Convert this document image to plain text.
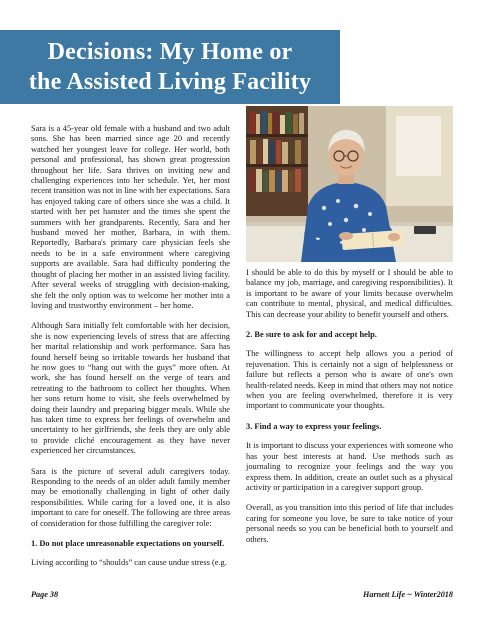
Decisions: My Home or
the Assisted Living Facility

Sara is a 45-year old female with a husband and two adult sons. She has been married since age 20 and recently watched her youngest leave for college. Her world, both personal and professional, has shown great progression throughout her life. Sara thrives on inviting new and challenging experiences into her schedule. Yet, her most recent transition was not in line with her expectations. Sara has enjoyed taking care of others since she was a child. It started with her pet hamster and the times she spent the summers with her grandparents. Recently, Sara and her husband moved her mother, Barbara, in with them. Reportedly, Barbara's primary care physician feels she needs to be in a safe environment where caregiving supports are available. Sara had difficulty pondering the thought of placing her mother in an assisted living facility. After several weeks of struggling with decision-making, she felt the only option was to welcome her mother into a loving and trustworthy environment – her home.

Although Sara initially felt comfortable with her decision, she is now experiencing levels of stress that are affecting her marital relationship and work performance. Sara has found herself being so irritable towards her husband that he now goes to “hang out with the guys” more often. At work, she has found herself on the verge of tears and retreating to the bathroom to collect her thoughts. When her sons return home to visit, she feels overwhelmed by doing their laundry and preparing bigger meals. While she has taken time to express her feelings of overwhelm and uncertainty to her girlfriends, she feels they are only able to provide cliché encouragement as they have never experienced her circumstances.

Sara is the picture of several adult caregivers today. Responding to the needs of an older adult family member may be emotionally challenging in light of other daily responsibilities. While caring for a loved one, it is also important to care for oneself. The following are three areas of consideration for those fulfilling the caregiver role:

1. Do not place unreasonable expectations on yourself.

Living according to “shoulds” can cause undue stress (e.g.

I should be able to do this by myself or I should be able to balance my job, marriage, and caregiving responsibilities). It is important to be aware of your limits because overwhelm can contribute to mental, physical, and medical difficulties. This can decrease your ability to benefit yourself and others.

2. Be sure to ask for and accept help.

The willingness to accept help allows you a period of rejuvenation. This is certainly not a sign of helplessness or failure but reflects a person who is aware of one's own health-related needs. Keep in mind that others may not notice when you are feeling overwhelmed, therefore it is very important to communicate your thoughts.

3. Find a way to express your feelings.

It is important to discuss your experiences with someone who has your best interests at hand. Use methods such as journaling to recognize your feelings and the way you express them. In addition, create an outlet such as a physical activity or participation in a caregiver support group.

Overall, as you transition into this period of life that includes caring for someone you love, be sure to take notice of your personal needs so you can be beneficial both to yourself and others.

Page 38	Harnett Life ~ Winter2018
